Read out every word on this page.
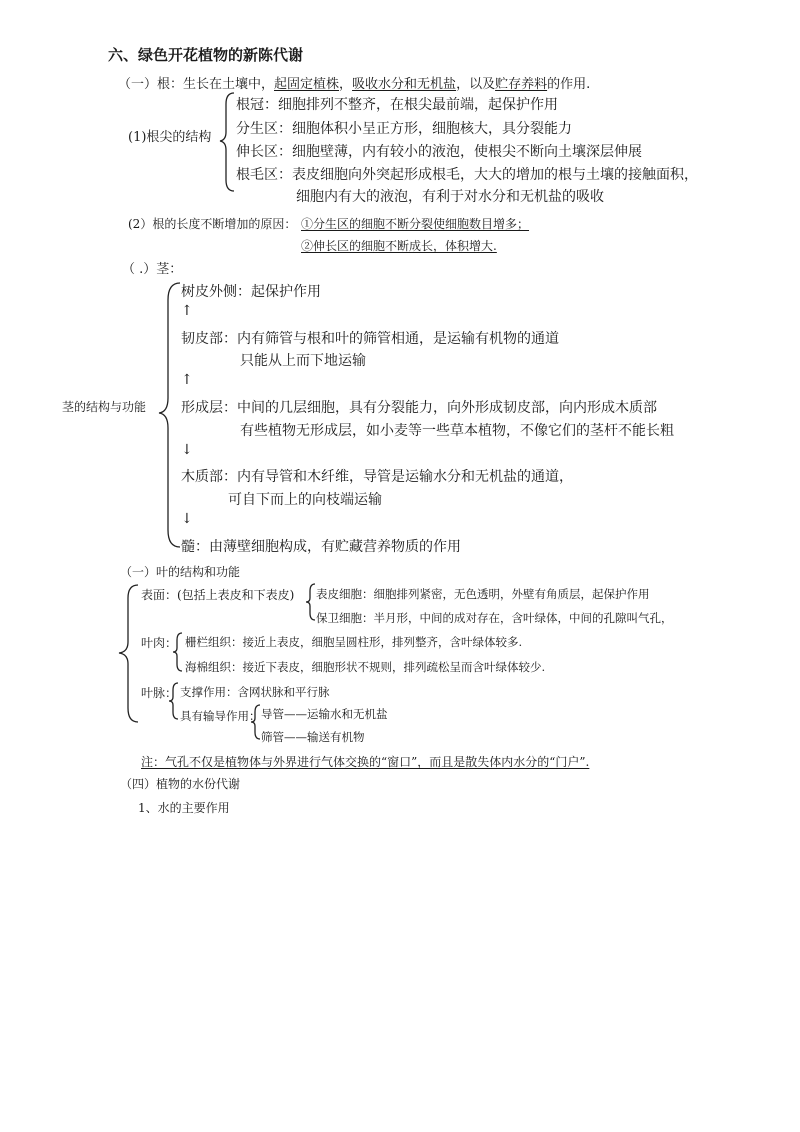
六、绿色开花植物的新陈代谢
（一）根：生长在土壤中，起固定植株，吸收水分和无机盐，以及贮存养料的作用.
(1)根尖的结构
根冠：细胞排列不整齐，在根尖最前端，起保护作用
分生区：细胞体积小呈正方形，细胞核大，具分裂能力
伸长区：细胞壁薄，内有较小的液泡，使根尖不断向土壤深层伸展
根毛区：表皮细胞向外突起形成根毛，大大的增加的根与土壤的接触面积，
细胞内有大的液泡，有利于对水分和无机盐的吸收
(2）根的长度不断增加的原因： ①分生区的细胞不断分裂使细胞数目增多；
②伸长区的细胞不断成长，体积增大.
（ .）茎：
茎的结构与功能
树皮外侧：起保护作用
↑
韧皮部：内有筛管与根和叶的筛管相通，是运输有机物的通道
只能从上而下地运输
↑
形成层：中间的几层细胞，具有分裂能力，向外形成韧皮部，向内形成木质部
有些植物无形成层，如小麦等一些草本植物，不像它们的茎杆不能长粗
↓
木质部：内有导管和木纤维，导管是运输水分和无机盐的通道，
可自下而上的向枝端运输
↓
髓：由薄壁细胞构成，有贮藏营养物质的作用
（一）叶的结构和功能
表面：(包括上表皮和下表皮) 表皮细胞：细胞排列紧密，无色透明，外壁有角质层，起保护作用
保卫细胞：半月形，中间的成对存在，含叶绿体，中间的孔隙叫气孔，
叶肉： 栅栏组织：接近上表皮，细胞呈圆柱形，排列整齐，含叶绿体较多.
海棉组织：接近下表皮，细胞形状不规则，排列疏松呈而含叶绿体较少.
叶脉： 支撑作用：含网状脉和平行脉
具有输导作用： 导管——运输水和无机盐
筛管——输送有机物
注：气孔不仅是植物体与外界进行气体交换的“窗口”，而且是散失体内水分的“门户”.
（四）植物的水份代谢
1、水的主要作用
